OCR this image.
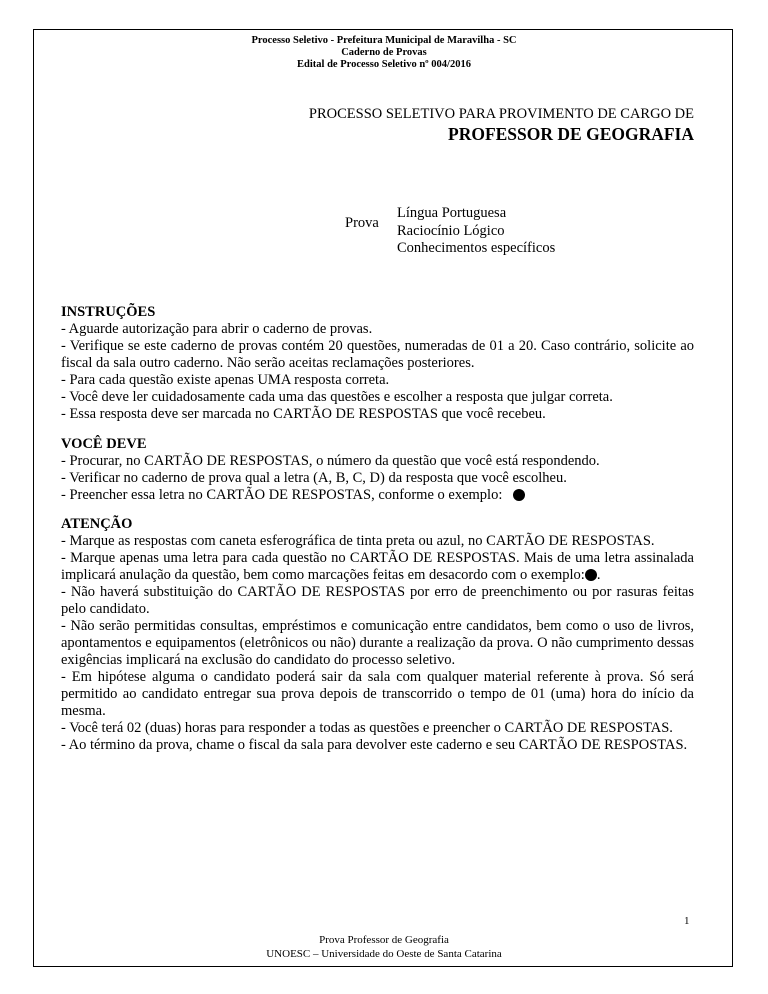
Processo Seletivo - Prefeitura Municipal de Maravilha - SC
Caderno de Provas
Edital de Processo Seletivo nº 004/2016
PROCESSO SELETIVO PARA PROVIMENTO DE CARGO DE
PROFESSOR DE GEOGRAFIA
Prova
Língua Portuguesa
Raciocínio Lógico
Conhecimentos específicos
INSTRUÇÕES

- Aguarde autorização para abrir o caderno de provas.

- Verifique se este caderno de provas contém 20 questões, numeradas de 01 a 20. Caso contrário, solicite ao fiscal da sala outro caderno. Não serão aceitas reclamações posteriores.

- Para cada questão existe apenas UMA resposta correta.

- Você deve ler cuidadosamente cada uma das questões e escolher a resposta que julgar correta.

- Essa resposta deve ser marcada no CARTÃO DE RESPOSTAS que você recebeu.

VOCÊ DEVE

- Procurar, no CARTÃO DE RESPOSTAS, o número da questão que você está respondendo.

- Verificar no caderno de prova qual a letra (A, B, C, D) da resposta que você escolheu.

- Preencher essa letra no CARTÃO DE RESPOSTAS, conforme o exemplo:

ATENÇÃO

- Marque as respostas com caneta esferográfica de tinta preta ou azul, no CARTÃO DE RESPOSTAS.

- Marque apenas uma letra para cada questão no CARTÃO DE RESPOSTAS. Mais de uma letra assinalada implicará anulação da questão, bem como marcações feitas em desacordo com o exemplo: .

- Não haverá substituição do CARTÃO DE RESPOSTAS por erro de preenchimento ou por rasuras feitas pelo candidato.

- Não serão permitidas consultas, empréstimos e comunicação entre candidatos, bem como o uso de livros, apontamentos e equipamentos (eletrônicos ou não) durante a realização da prova. O não cumprimento dessas exigências implicará na exclusão do candidato do processo seletivo.

- Em hipótese alguma o candidato poderá sair da sala com qualquer material referente à prova. Só será permitido ao candidato entregar sua prova depois de transcorrido o tempo de 01 (uma) hora do início da mesma.

- Você terá 02 (duas) horas para responder a todas as questões e preencher o CARTÃO DE RESPOSTAS.

- Ao término da prova, chame o fiscal da sala para devolver este caderno e seu CARTÃO DE RESPOSTAS.

1
Prova Professor de Geografia
UNOESC – Universidade do Oeste de Santa Catarina
